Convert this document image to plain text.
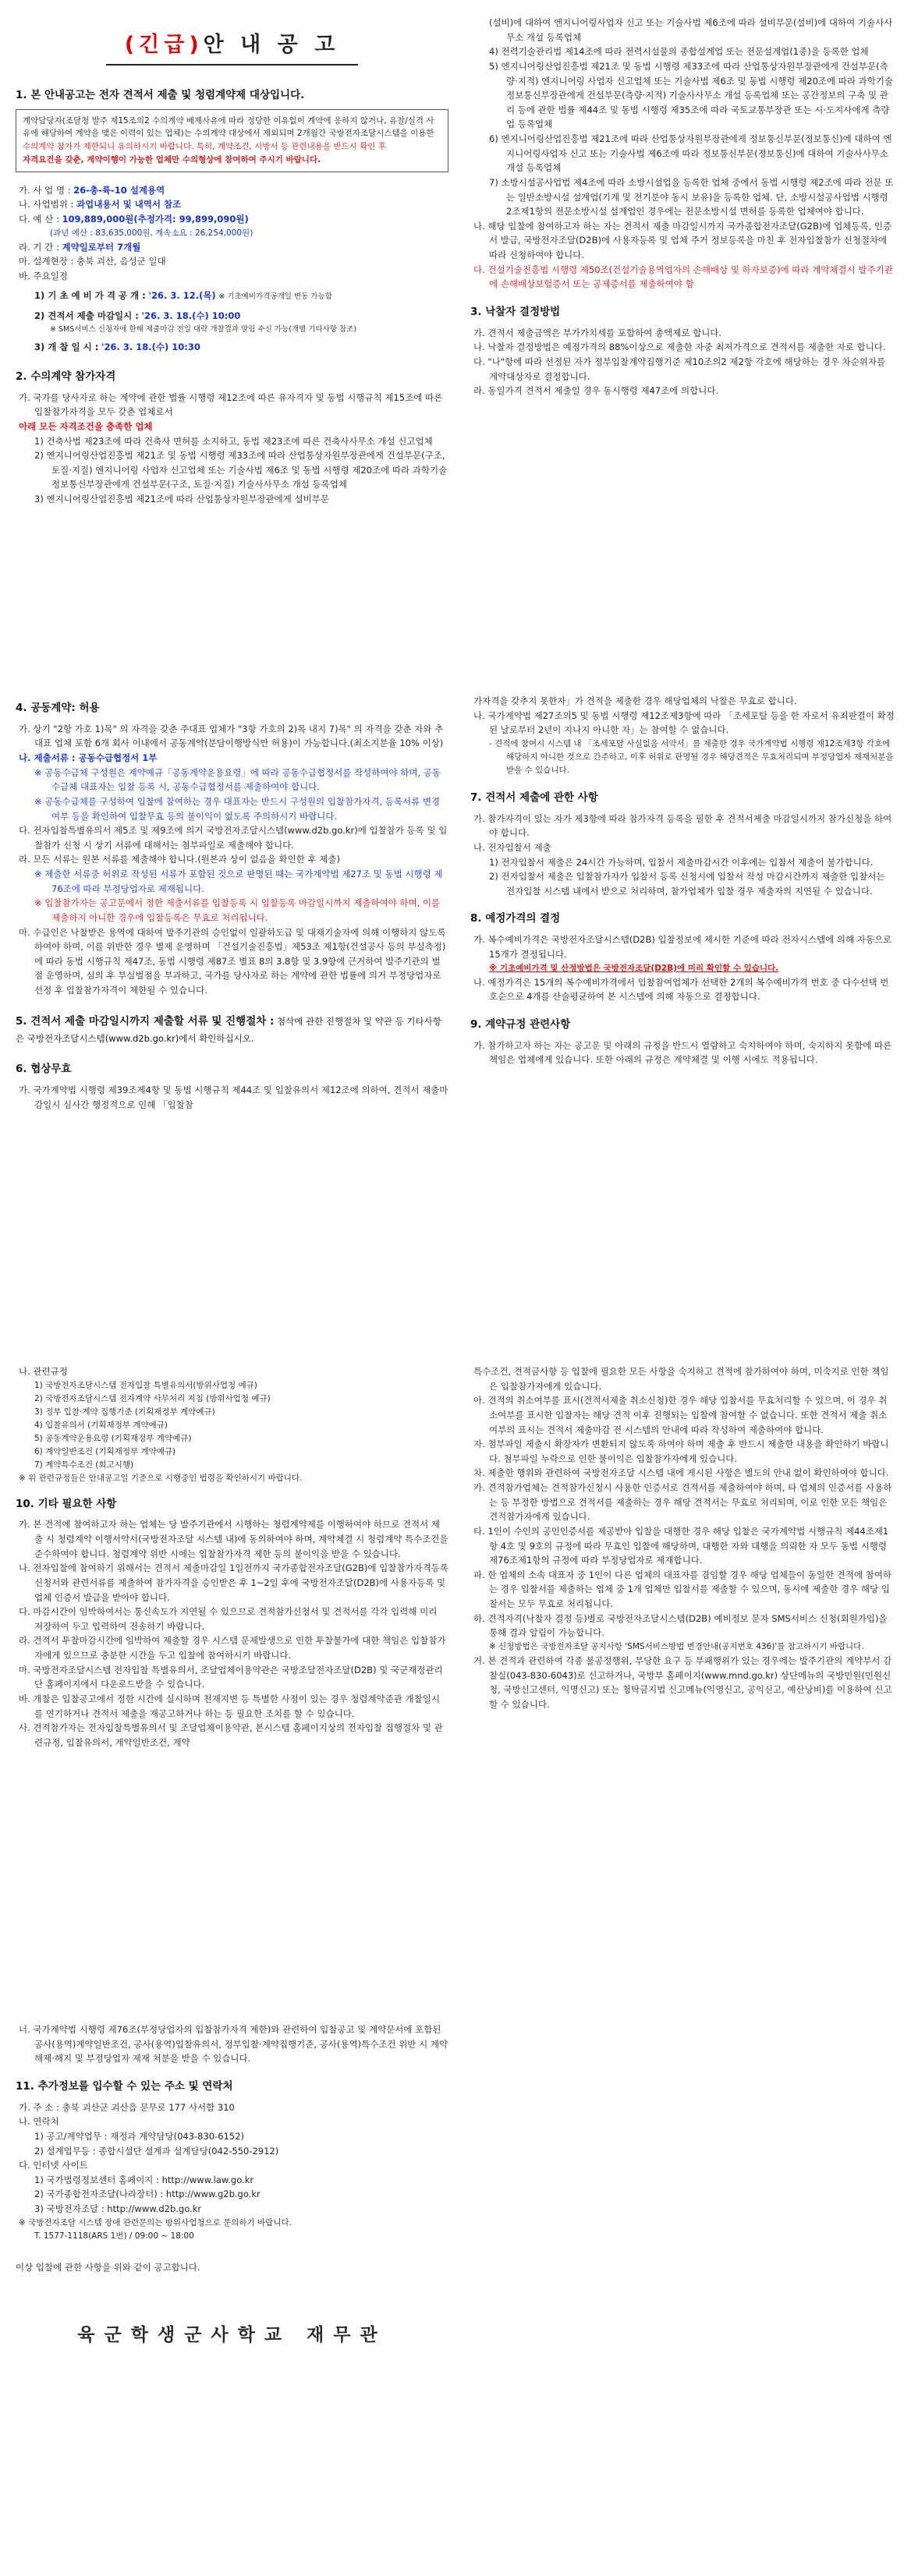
(긴급)안 내 공 고

1. 본 안내공고는 전자 견적서 제출 및 청렴계약제 대상입니다.

계약담당자(조달청 발주 제15조의2 수의계약 배제사유에 따라 정당한 이유없이 계약에 응하지 않거나, 유찰/실격 사유에 해당하여 계약을 맺은 이력이 있는 업체)는 수의계약 대상에서 제외되며 2개월간 국방전자조달시스템을 이용한

수의계약 참가가 제한되니 유의하시기 바랍니다. 특히, 계약조건, 시방서 등 관련내용을 반드시 확인 후

자격요건을 갖춘, 계약이행이 가능한 업체만 수의형상에 참여하여 주시기 바랍니다.

가. 사 업 명 : 26-총-륙-10 설계용역

나. 사업범위 : 과업내용서 및 내역서 참조

다. 예 산 : 109,889,000원(추정가격: 99,899,090원)

(과년 예산 : 83,635,000원, 계속소요 : 26,254,000원)

라. 기 간 : 계약일로부터 7개월

마. 설계현장 : 충북 괴산, 음성군 일대

바. 주요일정

1) 기 초 예 비 가 격 공 개 : '26. 3. 12.(목) ※ 기초예비가격공개일 변동 가능함

2) 견적서 제출 마감일시 : '26. 3. 18.(수) 10:00

※ SMS서비스 신청자에 한해 제출마감 전일 대략 개찰결과 알림 수신 가능(개별 기타사항 참조)

3) 개 찰 일 시 : '26. 3. 18.(수) 10:30

2. 수의계약 참가자격

가. 국가를 당사자로 하는 계약에 관한 법률 시행령 제12조에 따른 유자격자 및 동법 시행규칙 제15조에 따른 입찰참가자격을 모두 갖춘 업체로서

아래 모든 자격조건을 충족한 업체

1) 건축사법 제23조에 따라 건축사 면허를 소지하고, 동법 제23조에 따른 건축사사무소 개설 신고업체

2) 엔지니어링산업진흥법 제21조 및 동법 시행령 제33조에 따라 산업통상자원부장관에게 건설부문(구조, 토질·지질) 엔지니어링 사업자 신고업체 또는 기술사법 제6조 및 동법 시행령 제20조에 따라 과학기술정보통신부장관에게 건설부문(구조, 토질·지질) 기술사사무소 개설 등록업체

3) 엔지니어링산업진흥법 제21조에 따라 산업통상자원부장관에게 설비부문

(설비)에 대하여 엔지니어링사업자 신고 또는 기술사법 제6조에 따라 설비부문(설비)에 대하여 기술사사무소 개설 등록업체

4) 전력기술관리법 제14조에 따라 전력시설물의 종합설계업 또는 전문설계업(1종)을 등록한 업체

5) 엔지니어링산업진흥법 제21조 및 동법 시행령 제33조에 따라 산업통상자원부장관에게 건설부문(측량·지적) 엔지니어링 사업자 신고업체 또는 기술사법 제6조 및 동법 시행령 제20조에 따라 과학기술정보통신부장관에게 건설부문(측량·지적) 기술사사무소 개설 등록업체 또는 공간정보의 구축 및 관리 등에 관한 법률 제44조 및 동법 시행령 제35조에 따라 국토교통부장관 또는 시·도지사에게 측량업 등록업체

6) 엔지니어링산업진흥법 제21조에 따라 산업통상자원부장관에게 정보통신부문(정보통신)에 대하여 엔지니어링사업자 신고 또는 기술사법 제6조에 따라 정보통신부문(정보통신)에 대하여 기술사사무소 개설 등록업체

7) 소방시설공사업법 제4조에 따라 소방시설업을 등록한 업체 중에서 동법 시행령 제2조에 따라 전문 또는 일반소방시설 설계업(기계 및 전기분야 동시 보유)을 등록한 업체. 단, 소방시설공사업법 시행령 2조제1항의 전문소방시설 설계업인 경우에는 전문소방시설 면허를 등록한 업체여야 합니다.

나. 해당 입찰에 참여하고자 하는 자는 견적서 제출 마감일시까지 국가종합전자조달(G2B)에 업체등록, 인증서 발급, 국방전자조달(D2B)에 사용자등록 및 업체 주거 정보등록을 마친 후 전자입찰참가 신청절차에 따라 신청하여야 합니다.

다. 건설기술진흥법 시행령 제50조(건설기술용역업자의 손해배상 및 하자보증)에 따라 계약체결시 발주기관에 손해배상보험증서 또는 공제증서를 제출하여야 함

3. 낙찰자 결정방법

가. 견적서 제출금액은 부가가치세를 포함하여 총액제로 합니다.

나. 낙찰자 결정방법은 예정가격의 88%이상으로 제출한 자중 최저가격으로 견적서를 제출한 자로 합니다.

다. "나"항에 따라 선정된 자가 정부입찰계약집행기준 제10조의2 제2항 각호에 해당하는 경우 차순위자를 계약대상자로 결정합니다.

라. 동일가격 견적서 제출일 경우 동시행령 제47조에 의합니다.

4. 공동계약: 허용

가. 상기 "2항 가호 1)목" 의 자격을 갖춘 주대표 업체가 "3항 가호의 2)목 내지 7)목" 의 자격을 갖춘 자와 추 대표 업체 포함 6개 회사 이내에서 공동계약(분담이행방식만 허용)이 가능합니다.(최소지분율 10% 이상)

나. 제출서류 : 공동수급협정서 1부

※ 공동수급체 구성원은 계약예규「공동계약운용요령」에 따라 공동수급협정서를 작성하여야 하며, 공동수급체 대표자는 입찰 등록 시, 공동수급협정서를 제출하여야 합니다.

※ 공동수급체를 구성하여 입찰에 참여하는 경우 대표자는 반드시 구성원의 입찰참가자격, 등록서류 변경여부 등을 확인하여 입찰무효 등의 불이익이 없도록 주의하시기 바랍니다.

다. 전자입찰특별유의서 제5조 및 제9조에 의거 국방전자조달시스템(www.d2b.go.kr)에 입찰참가 등록 및 입찰참가 신청 시 상기 서류에 대해서는 첨부파일로 제출해야 합니다.

라. 모든 서류는 원본 서류를 제출해야 합니다.(원본과 상이 없음을 확인한 후 제출)

※ 제출한 서류중 허위로 작성된 서류가 포함된 것으로 판명된 때는 국가계약법 제27조 및 동법 시행령 제76조에 따라 부정당업자로 제재됩니다.

※ 입찰참가자는 공고문에서 정한 제출서류를 입찰등록 시 입찰등록 마감일시까지 제출하여야 하며, 이를 제출하지 아니한 경우에 입찰등록은 무효로 처리됩니다.

마. 수급인은 낙찰받은 용역에 대하여 발주기관의 승인없이 일괄하도급 및 대재기술자에 의해 이행하지 않도록 하여야 하며, 이를 위반한 경우 별제 운영하며 「건설기술진흥법」제53조 제1항(건설공사 등의 부실측정)에 따라 동법 시행규칙 제47조, 동법 시행령 제87조 별표 8의 3.8항 및 3.9항에 근거하여 발주기관의 벌점 운영하며, 심의 후 부실벌점을 부과하고, 국가를 당사자로 하는 계약에 관한 법률에 의거 부정당업자로 선정 후 입찰참가자격이 제한될 수 있습니다.

5. 견적서 제출 마감일시까지 제출할 서류 및 진행절차 : 첨삭에 관한 진행절차 및 약관 등 기타사항은 국방전자조달시스템(www.d2b.go.kr)에서 확인하십시오.

6. 협상무효

가. 국가계약법 시행령 제39조제4항 및 동법 시행규칙 제44조 및 입찰유의서 제12조에 의하여, 견적서 제출마감일시 심사간 행정적으로 인해 「입찰참

가자격을 갖추지 못한자」가 견적을 제출한 경우 해당업체의 낙찰은 무효로 합니다.

나. 국가계약법 제27조의5 및 동법 시행령 제12조제3항에 따라 「조세포탈 등을 한 자로서 유죄판결이 확정된 날로부터 2년이 지나지 아니한 자」는 참여할 수 없습니다.

- 견적에 참여시 시스템 내 「조세포탈 사실없음 서약서」를 제출한 경우 국가계약법 시행령 제12조제3항 각호에 해당하지 아니한 것으로 간주하고, 이후 허위로 판명될 경우 해당견적은 무효처리되며 부정당업자 제재처분을 받을 수 있습니다.

7. 견적서 제출에 관한 사항

가. 참가자격이 있는 자가 제3항에 따라 참가자격 등록을 필한 후 견적서제출 마감일시까지 참가신청을 하여야 합니다.

나. 전자입찰서 제출

1) 전자입찰서 제출은 24시간 가능하며, 입찰서 제출마감시간 이후에는 입찰서 제출이 불가합니다.

2) 전자입찰서 제출은 입찰참가자가 입찰서 등록 신청시에 입찰서 작성 마감시간까지 제출한 입찰서는 전자입찰 시스템 내에서 받으로 처리하며, 참가업체가 입찰 경우 제출자의 지연될 수 있습니다.

8. 예정가격의 결정

가. 복수예비가격은 국방전자조달시스템(D2B) 입찰정보에 제시한 기준에 따라 전자시스템에 의해 자동으로 15개가 결정됩니다.

※ 기초예비가격 및 산정방법은 국방전자조달(D2B)에 미리 확인할 수 있습니다.

나. 예정가격은 15개의 복수예비가격에서 입찰참여업체가 선택한 2개의 복수예비가격 번호 중 다수선택 번호순으로 4개를 산술평균하여 본 시스템에 의해 자동으로 결정합니다.

9. 계약규정 관련사항

가. 참가하고자 하는 자는 공고문 및 아래의 규정을 반드시 열람하고 숙지하여야 하며, 숙지하지 못함에 따른 책임은 업체에게 있습니다. 또한 아래의 규정은 계약체결 및 이행 시에도 적용됩니다.

나. 관련규정

1) 국방전자조달시스템 전자입찰 특별유의서(방위사업청 예규)

2) 국방전자조달시스템 전자계약 사무처리 지침 (방위사업청 예규)

3) 정부 입찰·계약 집행기준 (기획재정부 계약예규)

4) 입찰유의서 (기획재정부 계약예규)

5) 공동계약운용요령 (기획재정부 계약예규)

6) 계약일반조건 (기획재정부 계약예규)

7) 계약특수조건 (회고시행)

※ 위 관련규정들은 안내공고일 기준으로 시행중인 법령을 확인하시기 바랍니다.

10. 기타 필요한 사항

가. 본 견적에 참여하고자 하는 업체는 당 발주기관에서 시행하는 청렴계약제를 이행하여야 하므로 견적서 제출 시 청렴계약 이행서약서(국방전자조달 시스템 내)에 동의하여야 하며, 계약체결 시 청렴계약 특수조건을 준수하여야 합니다. 청렴계약 위반 시에는 입찰참가자격 제한 등의 불이익을 받을 수 있습니다.

나. 전자입찰에 참여하기 위해서는 견적서 제출마감일 1일전까지 국가종합전자조달(G2B)에 입찰참가자격등록 신청서와 관련서류를 제출하여 참가자격을 승인받은 후 1~2일 후에 국방전자조달(D2B)에 사용자등록 및 업체 인증서 발급을 받아야 합니다.

다. 마감시간이 임박하여서는 통신속도가 지연될 수 있으므로 견적참가신청서 및 견적서를 각각 입력해 미리 저장하여 두고 입력하여 전송하기 바랍니다.

라. 견적서 투찰마감시간에 임박하여 제출할 경우 시스템 문제발생으로 인한 투찰불가에 대한 책임은 입찰참가자에게 있으므로 충분한 시간을 두고 입찰에 참여하시기 바랍니다.

마. 국방전자조달시스템 전자입찰 특별유의서, 조달업체이용약관은 국방조달전자조달(D2B) 및 국군재정관리단 홈페이지에서 다운로드받을 수 있습니다.

바. 개찰은 입찰공고에서 정한 시간에 실시하며 천재지변 등 특별한 사정이 있는 경우 청렴계약준관 개찰일시를 연기하거나 견적서 제출을 재공고하거나 하는 등 필요한 조치를 할 수 있습니다.

사. 견적참가자는 전자입찰특별유의서 및 조달업체이용약관, 본시스템 홈페이지상의 전자입찰 집행절차 및 관련규정, 입찰유의서, 계약일반조건, 계약

특수조건, 견적금사항 등 입찰에 필요한 모든 사항을 숙지하고 견적에 참가하여야 하며, 미숙지로 인한 책임은 입찰참가자에게 있습니다.

아. 견적의 취소여부를 표시(견적서제출 취소신청)한 경우 해당 입찰서를 무효처리할 수 있으며, 이 경우 취소여부를 표시한 입찰자는 해당 견적 이후 진행되는 입찰에 참여할 수 없습니다. 또한 견적서 제출 취소여부의 표시는 견적서 제출마감 전 시스템의 안내에 따라 작성하여 제출하여야 합니다.

자. 첨부파일 제출시 확장자가 변환되지 않도록 하여야 하며 제출 후 반드시 제출한 내용을 확인하기 바랍니다. 첨부파일 누락으로 인한 불이익은 입찰참가자에게 있습니다.

차. 제출한 행위와 관련하여 국방전자조달 시스템 내에 게시된 사항은 별도의 안내 없이 확인하여야 합니다.

카. 견적참가업체는 견적참가신청시 사용한 인증서로 견적서를 제출하여야 하며, 타 업체의 인증서를 사용하는 등 부정한 방법으로 견적서를 제출하는 경우 해당 견적서는 무효로 처리되며, 이로 인한 모든 책임은 견적참가자에게 있습니다.

타. 1인이 수인의 공인인증서를 제공받아 입찰을 대행한 경우 해당 입찰은 국가계약법 시행규칙 제44조제1항 4호 및 9호의 규정에 따라 무효인 입찰에 해당하며, 대행한 자와 대행을 의뢰한 자 모두 동법 시행령 제76조제1항의 규정에 따라 부정당업자로 제재합니다.

파. 한 업체의 소속 대표자 중 1인이 다른 업체의 대표자를 겸임할 경우 해당 업체들이 동일한 견적에 참여하는 경우 입찰서를 제출하는 업체 중 1개 업체만 입찰서를 제출할 수 있으며, 동시에 제출한 경우 해당 입찰서는 모두 무효로 처리됩니다.

하. 견적자격(낙찰자 결정 등)별로 국방전자조달시스템(D2B) 예비정보 문자 SMS서비스 신청(회원가입)을 통해 결과 알림이 가능합니다.

※ 신청방법은 국방전자조달 공지사항 'SMS서비스방법 변경안내(공지번호 436)'를 참고하시기 바랍니다.

거. 본 견적과 관련하여 각종 불공정행위, 부당한 요구 등 부패행위가 있는 경우에는 발주기관의 계약부서 감찰실(043-830-6043)로 신고하거나, 국방부 홈페이지(www.mnd.go.kr) 상단메뉴의 국방민원(민원신청, 국방신고센터, 익명신고) 또는 청탁금지법 신고메뉴(익명신고, 공익신고, 예산낭비)를 이용하여 신고할 수 있습니다.

너. 국가계약법 시행령 제76조(부정당업자의 입찰참가자격 제한)와 관련하여 입찰공고 및 계약문서에 포함된 공사(용역)계약일반조건, 공사(용역)입찰유의서, 정부입찰·계약집행기준, 공사(용역)특수조건 위반 시 계약해제·해지 및 부정당업자 제재 처분을 받을 수 있습니다.

11. 추가정보를 입수할 수 있는 주소 및 연락처

가. 주 소 : 충북 괴산군 괴산읍 문무로 177 사서함 310

나. 연락처

1) 공고/계약업무 : 재정과 계약담당(043-830-6152)

2) 설계업무등 : 종합시설단 설계과 설계담당(042-550-2912)

다. 인터넷 사이트

1) 국가법령정보센터 홈페이지 : http://www.law.go.kr

2) 국가종합전자조달(나라장터) : http://www.g2b.go.kr

3) 국방전자조달 : http://www.d2b.go.kr

※ 국방전자조달 시스템 장애 관련문의는 방위사업청으로 문의하기 바랍니다.

T. 1577-1118(ARS 1번) / 09:00 ~ 18:00

이상 입찰에 관한 사항을 위와 같이 공고합니다.

육군학생군사학교 재무관
